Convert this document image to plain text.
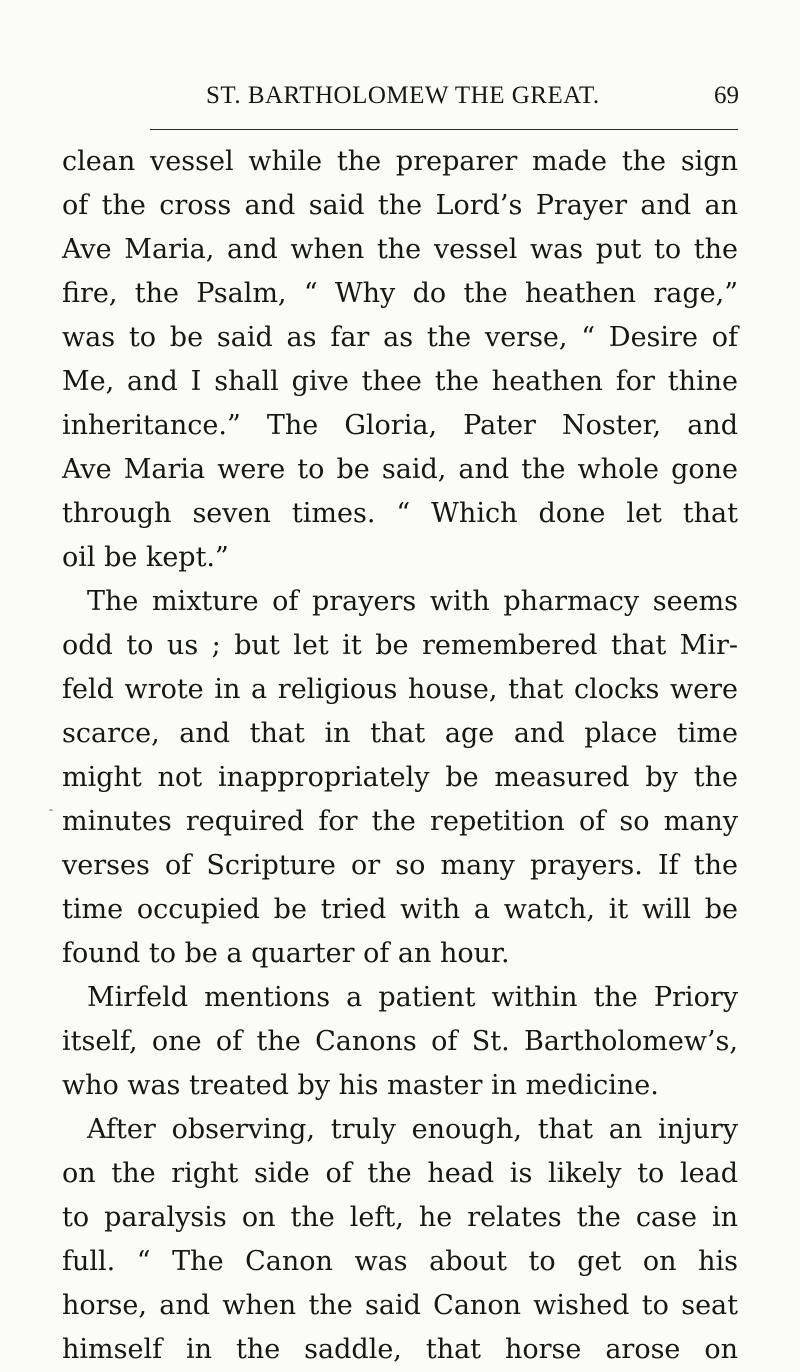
ST. BARTHOLOMEW THE GREAT.	69
-
clean vessel while the preparer made the sign
of the cross and said the Lord’s Prayer and an
Ave Maria, and when the vessel was put to the
fire, the Psalm, “ Why do the heathen rage,”
was to be said as far as the verse, “ Desire of
Me, and I shall give thee the heathen for thine
inheritance.” The Gloria, Pater Noster, and
Ave Maria were to be said, and the whole gone
through seven times. “ Which done let that
oil be kept.”
The mixture of prayers with pharmacy seems
odd to us ; but let it be remembered that Mir-
feld wrote in a religious house, that clocks were
scarce, and that in that age and place time
might not inappropriately be measured by the
minutes required for the repetition of so many
verses of Scripture or so many prayers. If the
time occupied be tried with a watch, it will be
found to be a quarter of an hour.
Mirfeld mentions a patient within the Priory
itself, one of the Canons of St. Bartholomew’s,
who was treated by his master in medicine.
After observing, truly enough, that an injury
on the right side of the head is likely to lead
to paralysis on the left, he relates the case in
full. “ The Canon was about to get on his
horse, and when the said Canon wished to seat
himself in the saddle, that horse arose on
